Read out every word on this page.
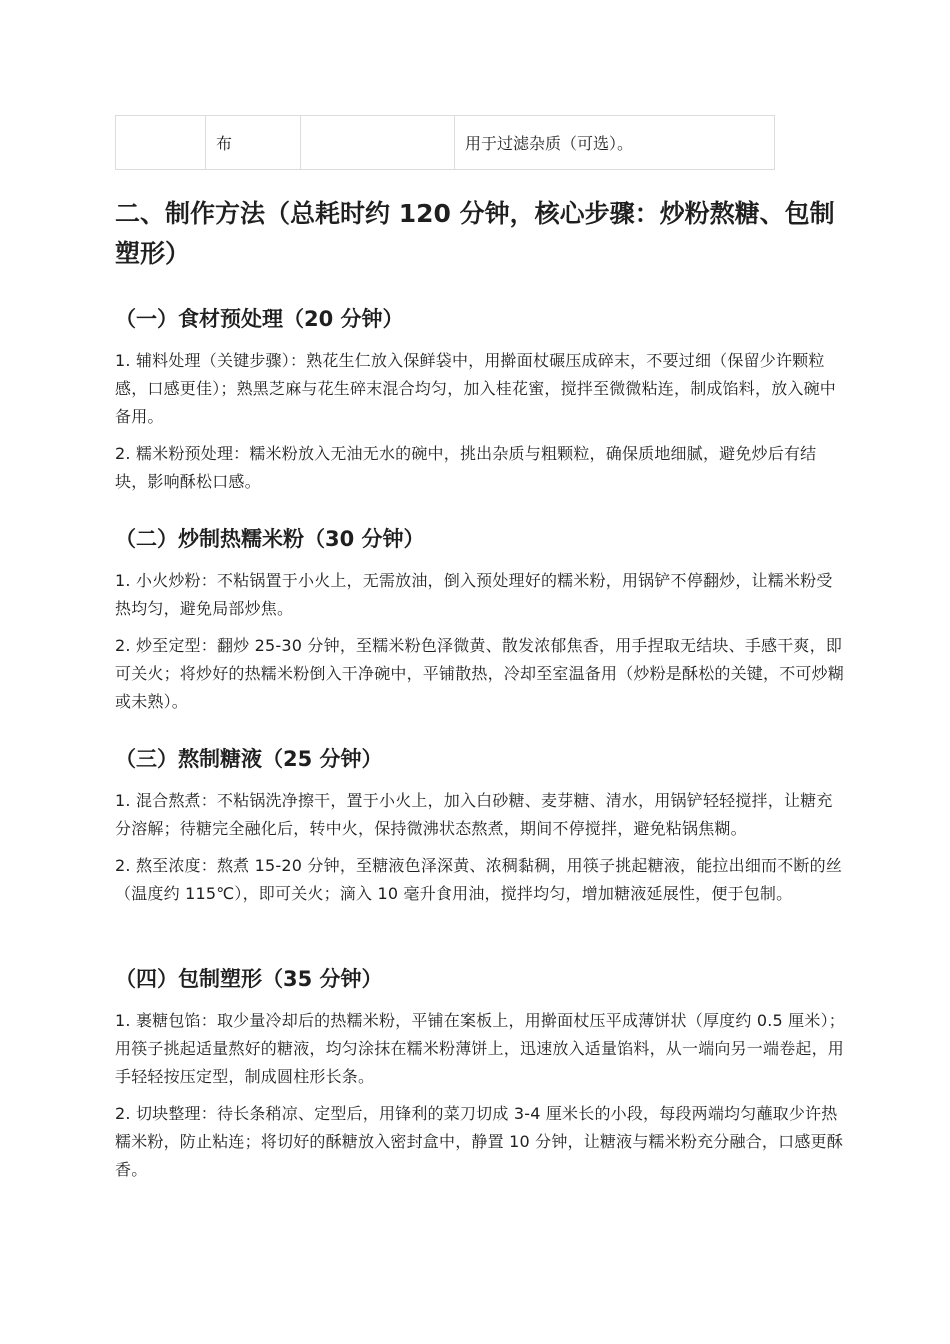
	布		用于过滤杂质（可选）。
二、制作方法（总耗时约 120 分钟，核心步骤：炒粉熬糖、包制塑形）
（一）食材预处理（20 分钟）

1. 辅料处理（关键步骤）：熟花生仁放入保鲜袋中，用擀面杖碾压成碎末，不要过细（保留少许颗粒感，口感更佳）；熟黑芝麻与花生碎末混合均匀，加入桂花蜜，搅拌至微微粘连，制成馅料，放入碗中备用。

2. 糯米粉预处理：糯米粉放入无油无水的碗中，挑出杂质与粗颗粒，确保质地细腻，避免炒后有结块，影响酥松口感。

（二）炒制热糯米粉（30 分钟）

1. 小火炒粉：不粘锅置于小火上，无需放油，倒入预处理好的糯米粉，用锅铲不停翻炒，让糯米粉受热均匀，避免局部炒焦。

2. 炒至定型：翻炒 25-30 分钟，至糯米粉色泽微黄、散发浓郁焦香，用手捏取无结块、手感干爽，即可关火；将炒好的热糯米粉倒入干净碗中，平铺散热，冷却至室温备用（炒粉是酥松的关键，不可炒糊或未熟）。

（三）熬制糖液（25 分钟）

1. 混合熬煮：不粘锅洗净擦干，置于小火上，加入白砂糖、麦芽糖、清水，用锅铲轻轻搅拌，让糖充分溶解；待糖完全融化后，转中火，保持微沸状态熬煮，期间不停搅拌，避免粘锅焦糊。

2. 熬至浓度：熬煮 15-20 分钟，至糖液色泽深黄、浓稠黏稠，用筷子挑起糖液，能拉出细而不断的丝（温度约 115℃），即可关火；滴入 10 毫升食用油，搅拌均匀，增加糖液延展性，便于包制。

（四）包制塑形（35 分钟）

1. 裹糖包馅：取少量冷却后的热糯米粉，平铺在案板上，用擀面杖压平成薄饼状（厚度约 0.5 厘米）；用筷子挑起适量熬好的糖液，均匀涂抹在糯米粉薄饼上，迅速放入适量馅料，从一端向另一端卷起，用手轻轻按压定型，制成圆柱形长条。

2. 切块整理：待长条稍凉、定型后，用锋利的菜刀切成 3-4 厘米长的小段，每段两端均匀蘸取少许热糯米粉，防止粘连；将切好的酥糖放入密封盒中，静置 10 分钟，让糖液与糯米粉充分融合，口感更酥香。
